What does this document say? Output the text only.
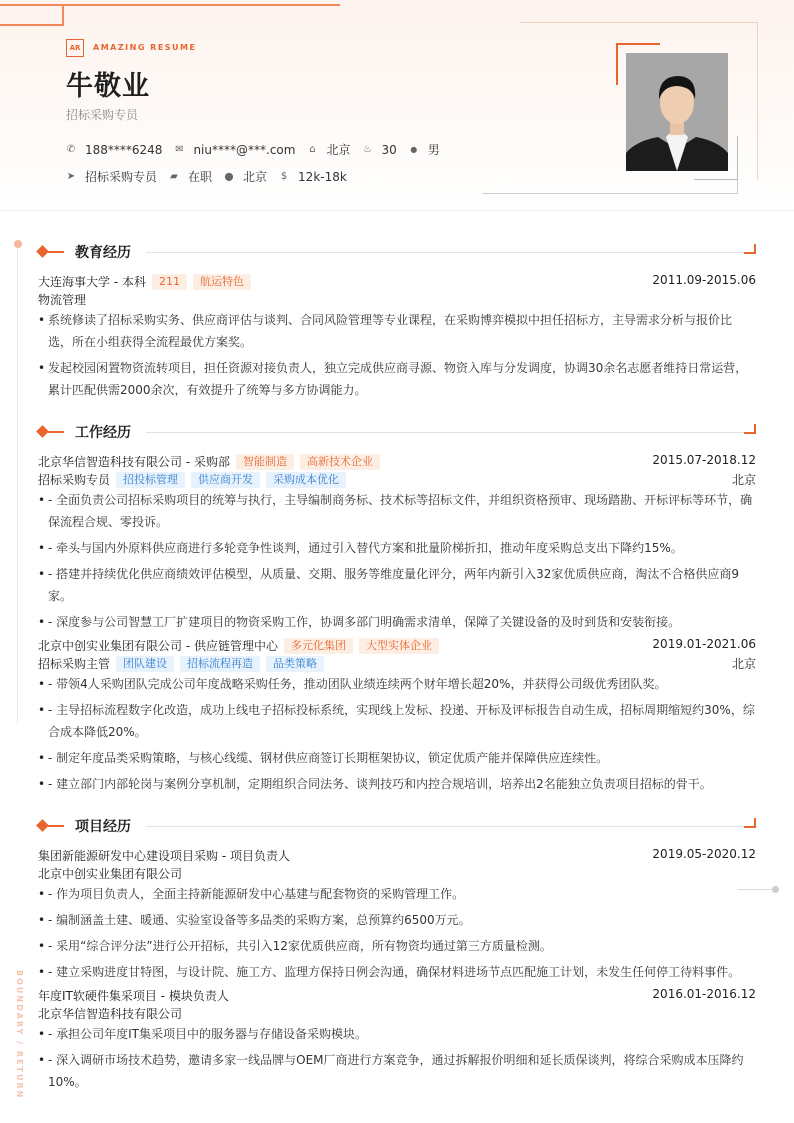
AR	AMAZING RESUME
牛敬业
招标采购专员
✆ 188****6248 ✉ niu****@***.com ⌂ 北京 ♨ 30 ● 男
➤ 招标采购专员 ▰ 在职 ⬤ 北京 $ 12k-18k
BOUNDARY / RETURN
教育经历
大连海事大学 - 本科	211	航运特色	2011.09-2015.06
物流管理
• 系统修读了招标采购实务、供应商评估与谈判、合同风险管理等专业课程，在采购博弈模拟中担任招标方，主导需求分析与报价比
选，所在小组获得全流程最优方案奖。
• 发起校园闲置物资流转项目，担任资源对接负责人，独立完成供应商寻源、物资入库与分发调度，协调30余名志愿者维持日常运营，
累计匹配供需2000余次，有效提升了统筹与多方协调能力。
工作经历
北京华信智造科技有限公司 - 采购部	智能制造	高新技术企业	2015.07-2018.12
招标采购专员	招投标管理	供应商开发	采购成本优化	北京
• - 全面负责公司招标采购项目的统筹与执行，主导编制商务标、技术标等招标文件，并组织资格预审、现场踏勘、开标评标等环节，确
保流程合规、零投诉。
• - 牵头与国内外原料供应商进行多轮竞争性谈判，通过引入替代方案和批量阶梯折扣，推动年度采购总支出下降约15%。
• - 搭建并持续优化供应商绩效评估模型，从质量、交期、服务等维度量化评分，两年内新引入32家优质供应商，淘汰不合格供应商9
家。
• - 深度参与公司智慧工厂扩建项目的物资采购工作，协调多部门明确需求清单，保障了关键设备的及时到货和安装衔接。
北京中创实业集团有限公司 - 供应链管理中心	多元化集团	大型实体企业	2019.01-2021.06
招标采购主管	团队建设	招标流程再造	品类策略	北京
• - 带领4人采购团队完成公司年度战略采购任务，推动团队业绩连续两个财年增长超20%，并获得公司级优秀团队奖。
• - 主导招标流程数字化改造，成功上线电子招标投标系统，实现线上发标、投递、开标及评标报告自动生成，招标周期缩短约30%，综
合成本降低20%。
• - 制定年度品类采购策略，与核心线缆、钢材供应商签订长期框架协议，锁定优质产能并保障供应连续性。
• - 建立部门内部轮岗与案例分享机制，定期组织合同法务、谈判技巧和内控合规培训，培养出2名能独立负责项目招标的骨干。
项目经历
集团新能源研发中心建设项目采购 - 项目负责人	2019.05-2020.12
北京中创实业集团有限公司
• - 作为项目负责人，全面主持新能源研发中心基建与配套物资的采购管理工作。
• - 编制涵盖土建、暖通、实验室设备等多品类的采购方案，总预算约6500万元。
• - 采用“综合评分法”进行公开招标，共引入12家优质供应商，所有物资均通过第三方质量检测。
• - 建立采购进度甘特图，与设计院、施工方、监理方保持日例会沟通，确保材料进场节点匹配施工计划，未发生任何停工待料事件。
年度IT软硬件集采项目 - 模块负责人	2016.01-2016.12
北京华信智造科技有限公司
• - 承担公司年度IT集采项目中的服务器与存储设备采购模块。
• - 深入调研市场技术趋势，邀请多家一线品牌与OEM厂商进行方案竞争，通过拆解报价明细和延长质保谈判，将综合采购成本压降约
10%。
